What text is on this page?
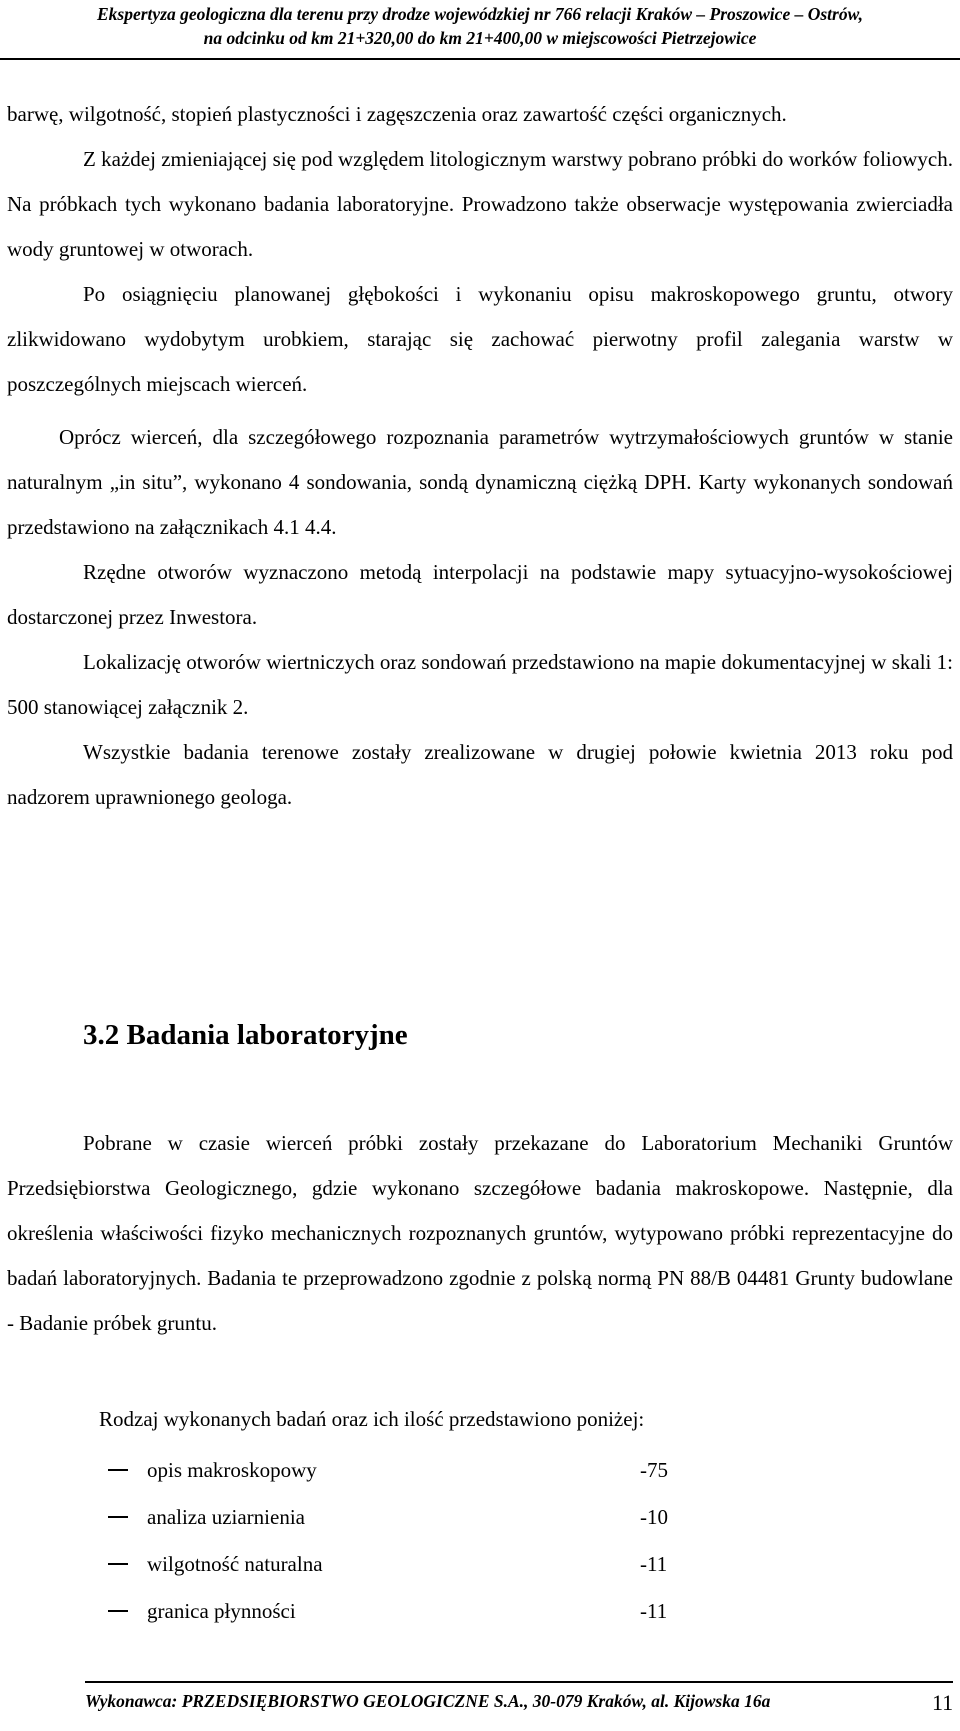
Ekspertyza geologiczna dla terenu przy drodze wojewódzkiej nr 766 relacji Kraków – Proszowice – Ostrów,
na odcinku od km 21+320,00 do km 21+400,00 w miejscowości Pietrzejowice

barwę, wilgotność, stopień plastyczności i zagęszczenia oraz zawartość części organicznych.

Z każdej zmieniającej się pod względem litologicznym warstwy pobrano próbki do worków foliowych. Na próbkach tych wykonano badania laboratoryjne. Prowadzono także obserwacje występowania zwierciadła wody gruntowej w otworach.

Po osiągnięciu planowanej głębokości i wykonaniu opisu makroskopowego gruntu, otwory zlikwidowano wydobytym urobkiem, starając się zachować pierwotny profil zalegania warstw w poszczególnych miejscach wierceń.

Oprócz wierceń, dla szczegółowego rozpoznania parametrów wytrzymałościowych gruntów w stanie naturalnym „in situ”, wykonano 4 sondowania, sondą dynamiczną ciężką DPH. Karty wykonanych sondowań przedstawiono na załącznikach 4.1 4.4.

Rzędne otworów wyznaczono metodą interpolacji na podstawie mapy sytuacyjno-wysokościowej dostarczonej przez Inwestora.

Lokalizację otworów wiertniczych oraz sondowań przedstawiono na mapie dokumentacyjnej w skali 1: 500 stanowiącej załącznik 2.

Wszystkie badania terenowe zostały zrealizowane w drugiej połowie kwietnia 2013 roku pod nadzorem uprawnionego geologa.

3.2 Badania laboratoryjne

Pobrane w czasie wierceń próbki zostały przekazane do Laboratorium Mechaniki Gruntów Przedsiębiorstwa Geologicznego, gdzie wykonano szczegółowe badania makroskopowe. Następnie, dla określenia właściwości fizyko mechanicznych rozpoznanych gruntów, wytypowano próbki reprezentacyjne do badań laboratoryjnych. Badania te przeprowadzono zgodnie z polską normą PN 88/B 04481 Grunty budowlane - Badanie próbek gruntu.

Rodzaj wykonanych badań oraz ich ilość przedstawiono poniżej:
opis makroskopowy	-75
analiza uziarnienia	-10
wilgotność naturalna	-11
granica płynności	-11
Wykonawca: PRZEDSIĘBIORSTWO GEOLOGICZNE S.A., 30-079 Kraków, al. Kijowska 16a	11
